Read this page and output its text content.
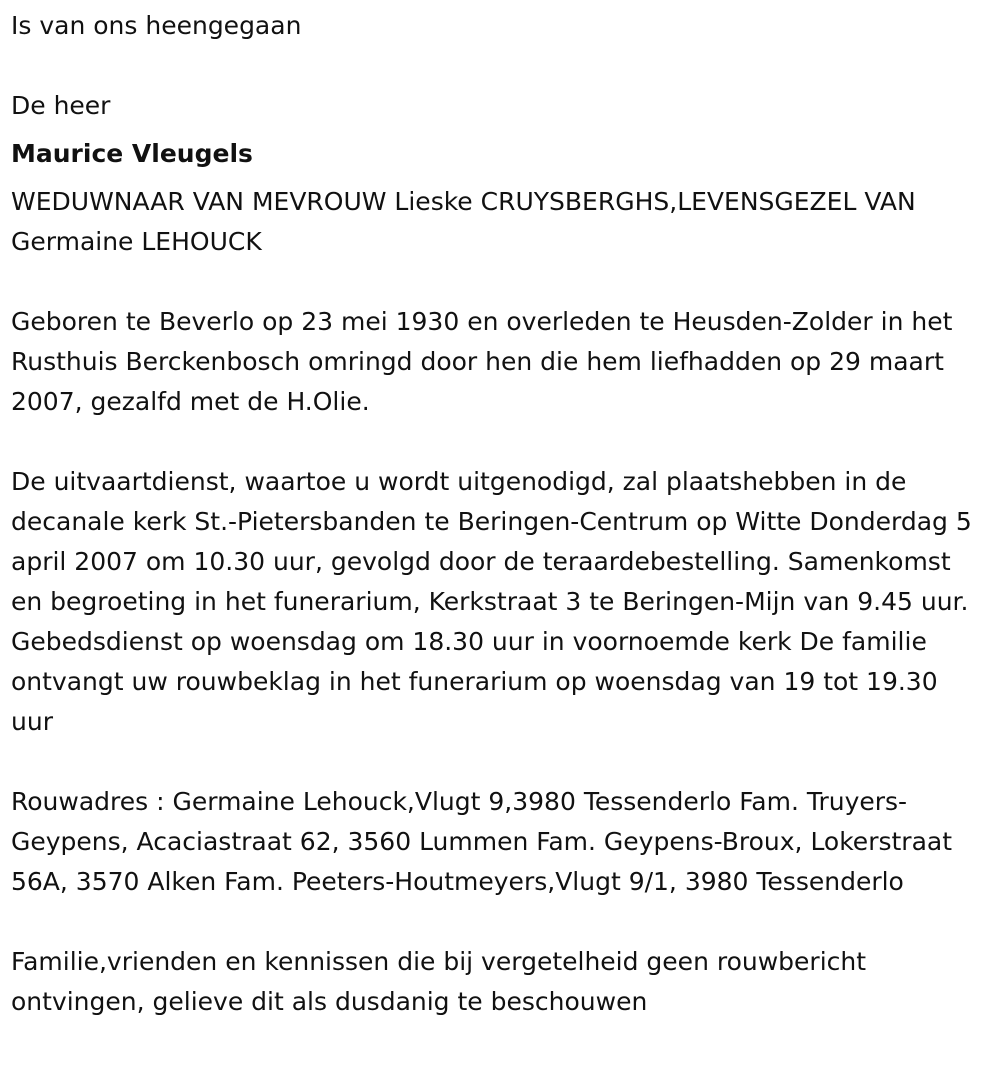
Is van ons heengegaan

De heer

Maurice Vleugels

WEDUWNAAR VAN MEVROUW Lieske CRUYSBERGHS,LEVENSGEZEL VAN Germaine LEHOUCK

Geboren te Beverlo op 23 mei 1930 en overleden te Heusden-Zolder in het Rusthuis Berckenbosch omringd door hen die hem liefhadden op 29 maart 2007, gezalfd met de H.Olie.

De uitvaartdienst, waartoe u wordt uitgenodigd, zal plaatshebben in de decanale kerk St.-Pietersbanden te Beringen-Centrum op Witte Donderdag 5 april 2007 om 10.30 uur, gevolgd door de teraardebestelling. Samenkomst en begroeting in het funerarium, Kerkstraat 3 te Beringen-Mijn van 9.45 uur. Gebedsdienst op woensdag om 18.30 uur in voornoemde kerk De familie ontvangt uw rouwbeklag in het funerarium op woensdag van 19 tot 19.30 uur

Rouwadres : Germaine Lehouck,Vlugt 9,3980 Tessenderlo Fam. Truyers-Geypens, Acaciastraat 62, 3560 Lummen Fam. Geypens-Broux, Lokerstraat 56A, 3570 Alken Fam. Peeters-Houtmeyers,Vlugt 9/1, 3980 Tessenderlo

Familie,vrienden en kennissen die bij vergetelheid geen rouwbericht ontvingen, gelieve dit als dusdanig te beschouwen
